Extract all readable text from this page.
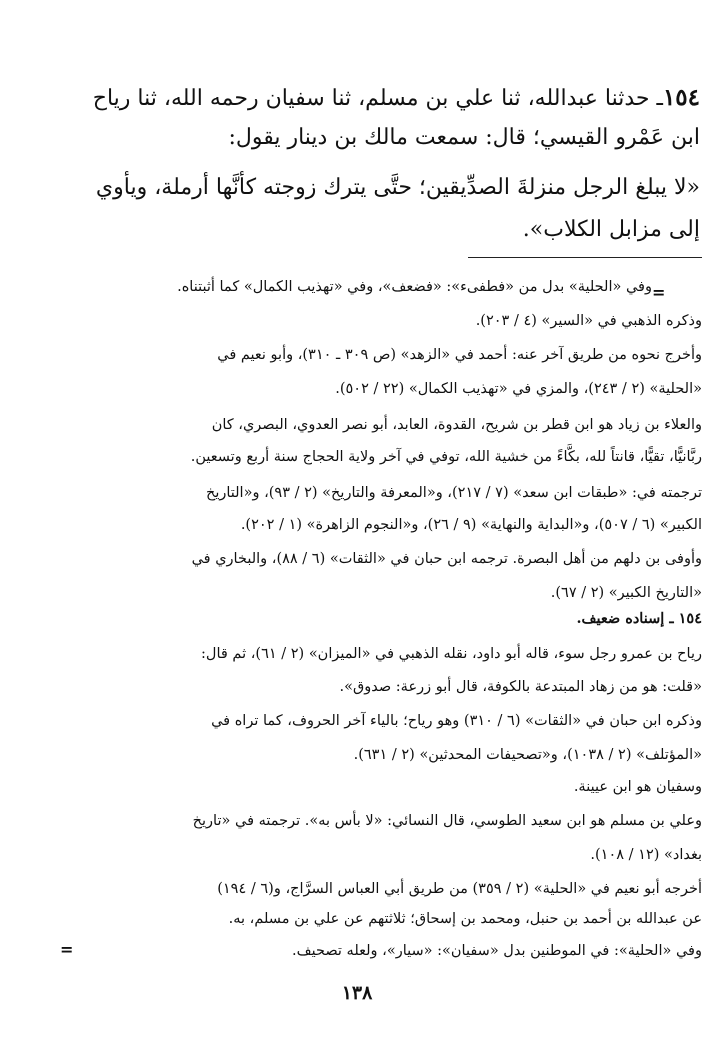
١٥٤ـ حدثنا عبدالله، ثنا علي بن مسلم، ثنا سفيان رحمه الله، ثنا رياح
ابن عَمْرو القيسي؛ قال: سمعت مالك بن دينار يقول:
«لا يبلغ الرجل منزلةَ الصدِّيقين؛ حتَّى يترك زوجته كأنَّها أرملة، ويأوي
إلى مزابل الكلاب».
=
=
وفي «الحلية» بدل من «فطفىء»: «فضعف»، وفي «تهذيب الكمال» كما أثبتناه.
وذكره الذهبي في «السير» (٤ / ٢٠٣).
وأخرج نحوه من طريق آخر عنه: أحمد في «الزهد» (ص ٣٠٩ ـ ٣١٠)، وأبو نعيم في
«الحلية» (٢ / ٢٤٣)، والمزي في «تهذيب الكمال» (٢٢ / ٥٠٢).
والعلاء بن زياد هو ابن قطر بن شريح، القدوة، العابد، أبو نصر العدوي، البصري، كان
ربَّانيًّا، تقيًّا، قانتاً لله، بكَّاءً من خشية الله، توفي في آخر ولاية الحجاج سنة أربع وتسعين.
ترجمته في: «طبقات ابن سعد» (٧ / ٢١٧)، و«المعرفة والتاريخ» (٢ / ٩٣)، و«التاريخ
الكبير» (٦ / ٥٠٧)، و«البداية والنهاية» (٩ / ٢٦)، و«النجوم الزاهرة» (١ / ٢٠٢).
وأوفى بن دلهم من أهل البصرة. ترجمه ابن حبان في «الثقات» (٦ / ٨٨)، والبخاري في
«التاريخ الكبير» (٢ / ٦٧).
١٥٤ ـ إسناده ضعيف.
رياح بن عمرو رجل سوء، قاله أبو داود، نقله الذهبي في «الميزان» (٢ / ٦١)، ثم قال:
«قلت: هو من زهاد المبتدعة بالكوفة، قال أبو زرعة: صدوق».
وذكره ابن حبان في «الثقات» (٦ / ٣١٠) وهو رياح؛ بالياء آخر الحروف، كما تراه في
«المؤتلف» (٢ / ١٠٣٨)، و«تصحيفات المحدثين» (٢ / ٦٣١).
وسفيان هو ابن عيينة.
وعلي بن مسلم هو ابن سعيد الطوسي، قال النسائي: «لا بأس به». ترجمته في «تاريخ
بغداد» (١٢ / ١٠٨).
أخرجه أبو نعيم في «الحلية» (٢ / ٣٥٩) من طريق أبي العباس السرَّاج، و(٦ / ١٩٤)
عن عبدالله بن أحمد بن حنبل، ومحمد بن إسحاق؛ ثلاثتهم عن علي بن مسلم، به.
وفي «الحلية»: في الموطنين بدل «سفيان»: «سيار»، ولعله تصحيف.
١٣٨
